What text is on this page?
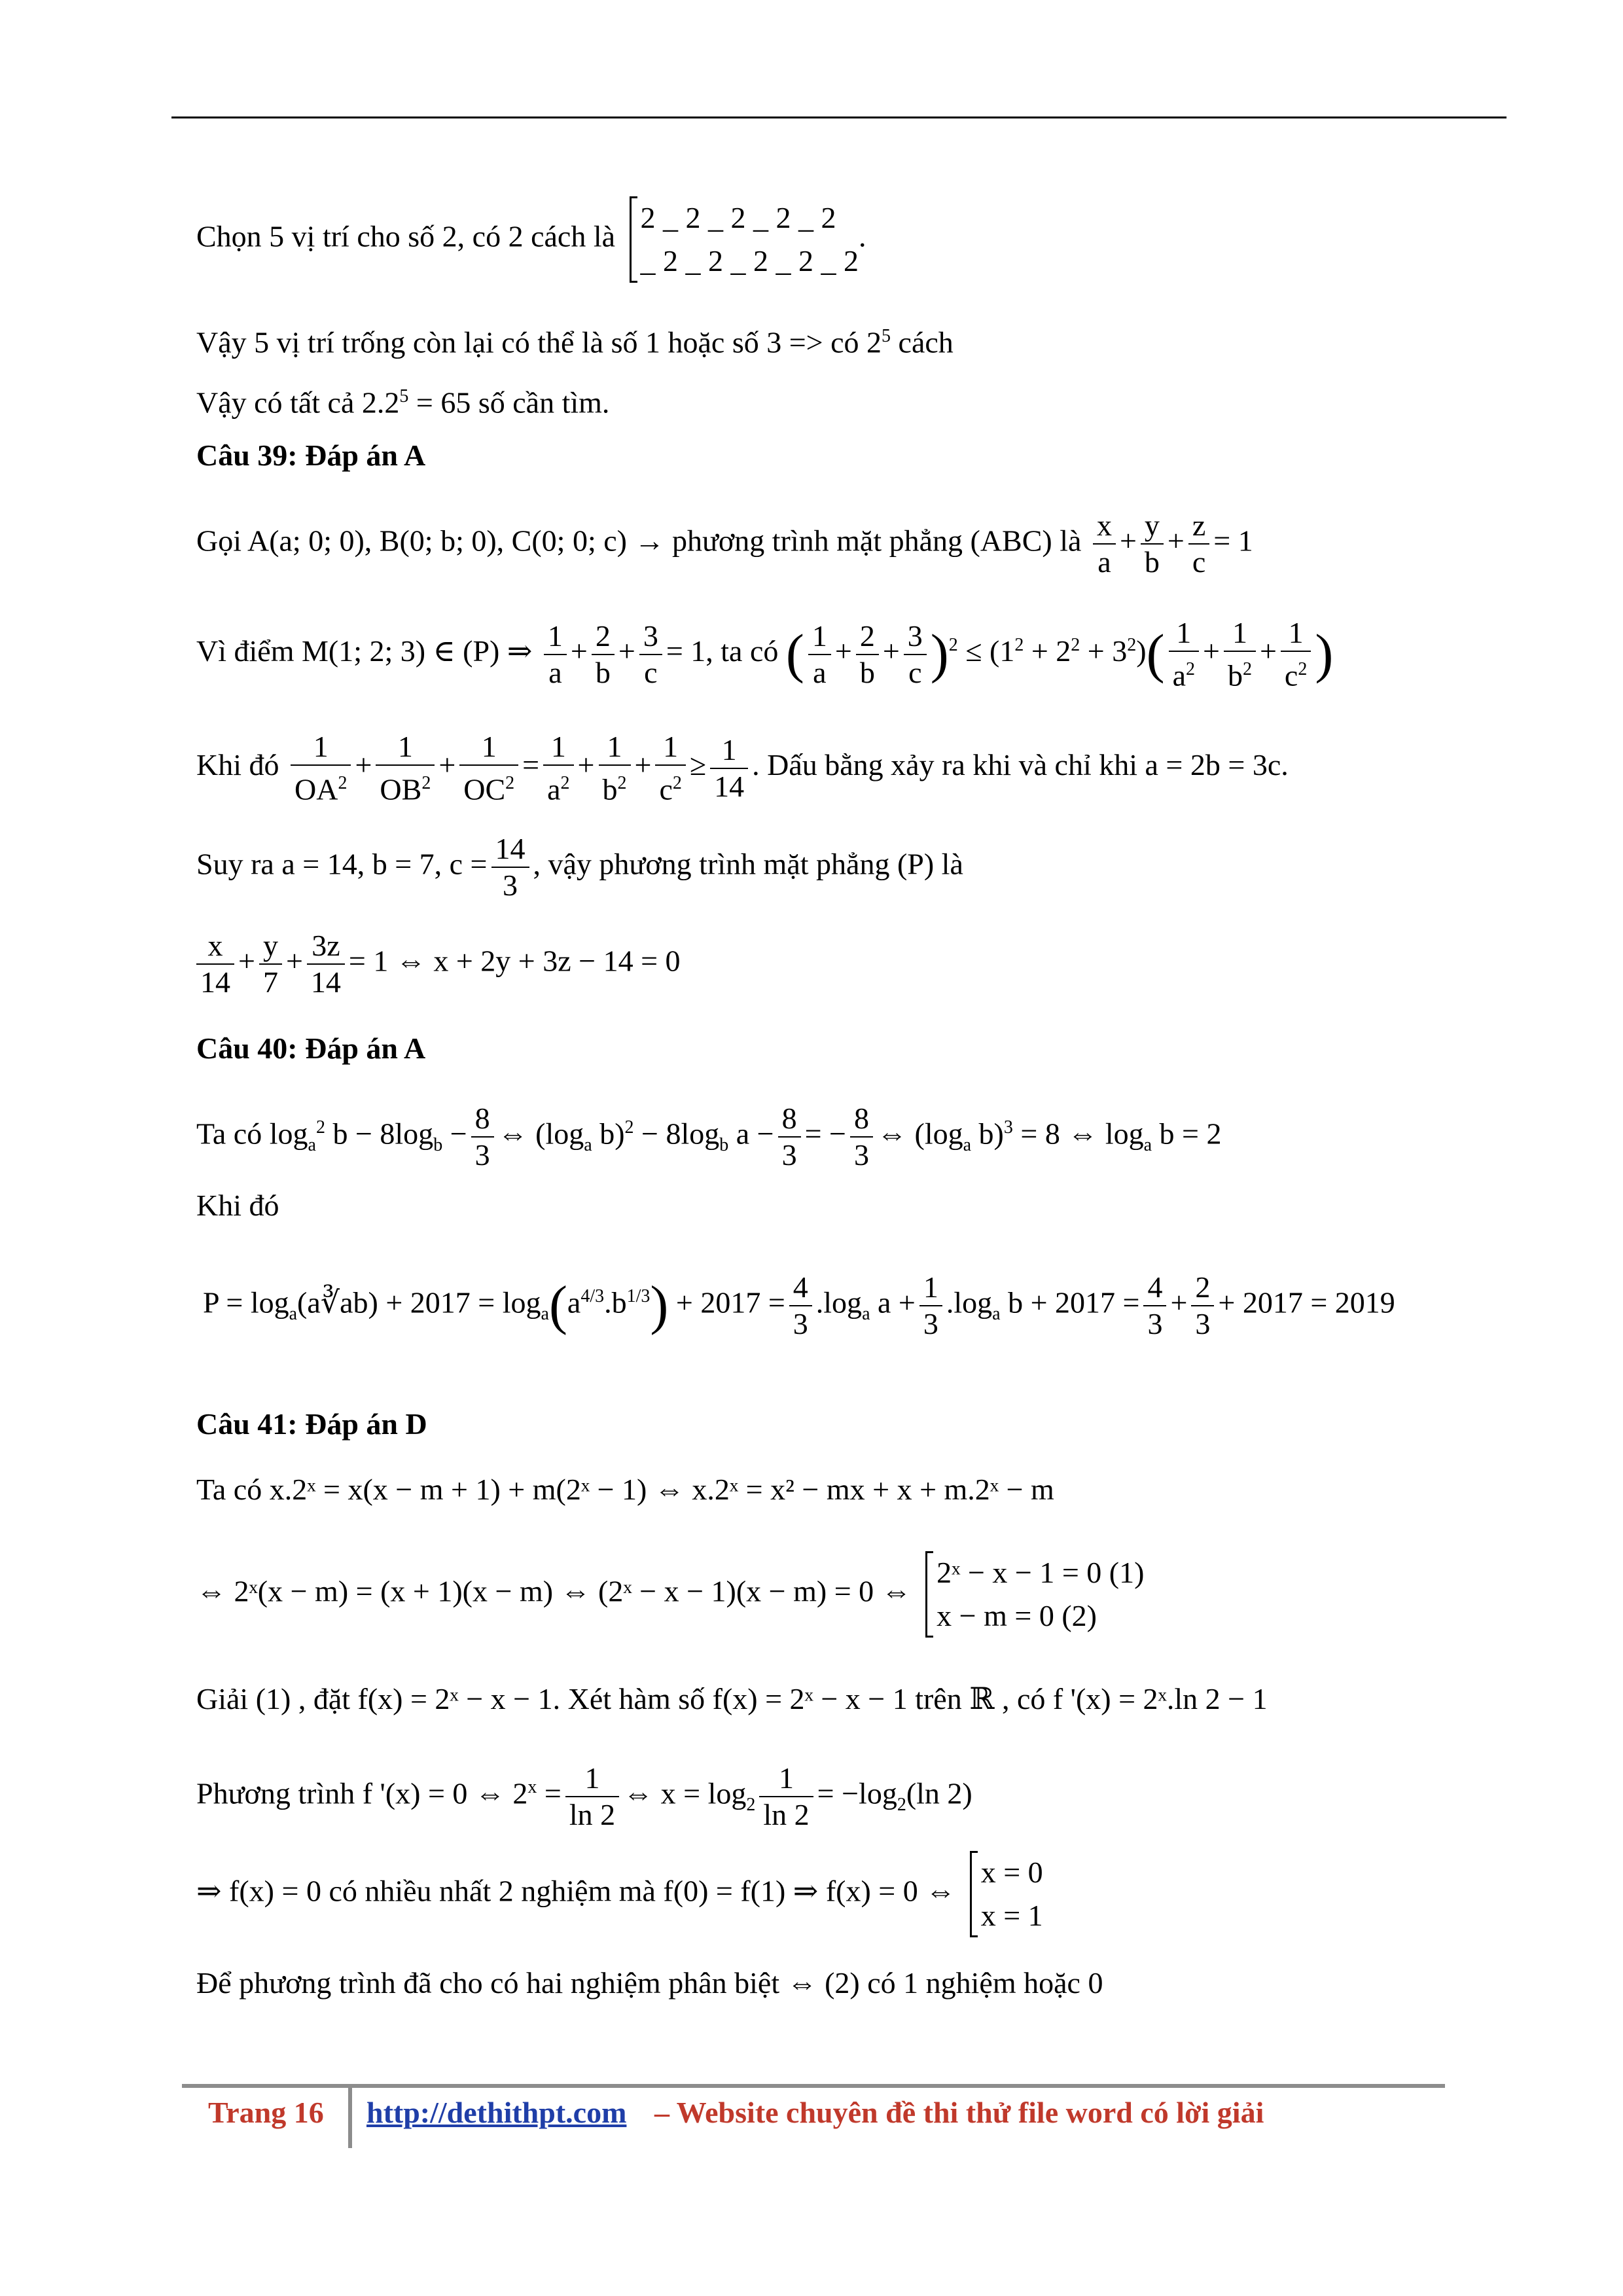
Chọn 5 vị trí cho số 2, có 2 cách là
2 _ 2 _ 2 _ 2 _ 2
_ 2 _ 2 _ 2 _ 2 _ 2
.
Vậy 5 vị trí trống còn lại có thể là số 1 hoặc số 3 => có $2^5$ cách
Vậy có tất cả $2.2^5 = 65$ số cần tìm.
Câu 39: Đáp án A
Gọi A(a; 0; 0), B(0; b; 0), C(0; 0; c) → phương trình mặt phẳng (ABC) là $\frac{x}{a} + \frac{y}{b} + \frac{z}{c} = 1$
Vì điểm M(1; 2; 3) ∈ (P) ⇒ $\frac{1}{a} + \frac{2}{b} + \frac{3}{c} = 1$, ta có ( $\frac{1}{a} + \frac{2}{b} + \frac{3}{c} )^2 \le (1^2 + 2^2 + 3^2)( \frac{1}{a^2} + \frac{1}{b^2} + \frac{1}{c^2}$ )
Khi đó $\frac{1}{OA^2} + \frac{1}{OB^2} + \frac{1}{OC^2} = \frac{1}{a^2} + \frac{1}{b^2} + \frac{1}{c^2} \ge \frac{1}{14}$ . Dấu bằng xảy ra khi và chỉ khi a = 2b = 3c.
Suy ra a = 14, b = 7, $c = \frac{14}{3}$ , vậy phương trình mặt phẳng (P) là
$\frac{x}{14} + \frac{y}{7} + \frac{3z}{14} = 1$ ⇔ x + 2y + 3z − 14 = 0
Câu 40: Đáp án A
Ta có $\log_a^2 b - 8\log_b - \frac{8}{3}$ ⇔ ($\log_a$ $b)^2 - 8\log_b$ $a - \frac{8}{3}$ = − $\frac{8}{3}$ ⇔ ($\log_a$ b)$^3$ = 8 ⇔ $\log_a b = 2$
Khi đó
$P = \log_a(a∛ab) + 2017 = \log_a(a^{4/3}.b^{1/3}) + 2017 = \frac{4}{3} .\log_a$ $a + \frac{1}{3} .\log_a$ $b + 2017 = \frac{4}{3} + \frac{2}{3} + 2017 = 2019$
Câu 41: Đáp án D
Ta có x.2ˣ = x(x − m + 1) + m(2ˣ − 1) ⇔ x.2ˣ = x² − mx + x + m.2ˣ − m
⇔ 2ˣ(x − m) = (x + 1)(x − m) ⇔ (2ˣ − x − 1)(x − m) = 0 ⇔
2ˣ − x − 1 = 0 (1)
x − m = 0 (2)
Giải (1) , đặt f(x) = 2ˣ − x − 1. Xét hàm số f(x) = 2ˣ − x − 1 trên ℝ , có f '(x) = 2ˣ.ln 2 − 1
Phương trình f '(x) = 0 ⇔ $2^x = \frac{1}{\ln 2}$ ⇔ $x = \log_2 \frac{1}{\ln 2} = -\log_2(\ln$ 2)
⇒ f(x) = 0 có nhiều nhất 2 nghiệm mà f(0) = f(1) ⇒ f(x) = 0 ⇔
x = 0
x = 1
Để phương trình đã cho có hai nghiệm phân biệt ⇔ (2) có 1 nghiệm hoặc 0
Trang 16 http://dethithpt.com – Website chuyên đề thi thử file word có lời giải
